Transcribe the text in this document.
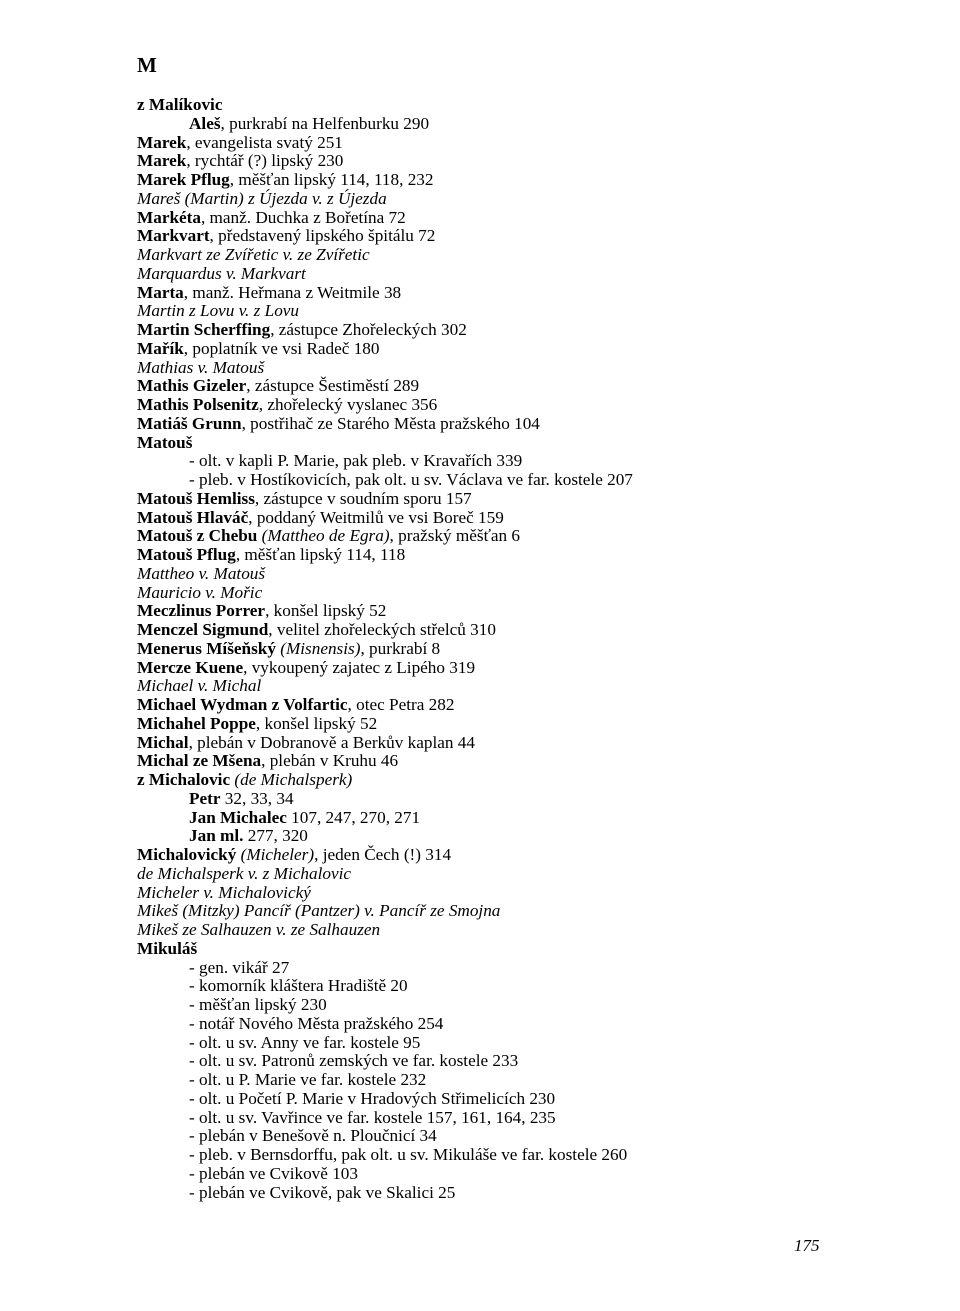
M
z Malíkovic
Aleš, purkrabí na Helfenburku 290
Marek, evangelista svatý 251
Marek, rychtář (?) lipský 230
Marek Pflug, měšťan lipský 114, 118, 232
Mareš (Martin) z Újezda v. z Újezda
Markéta, manž. Duchka z Bořetína 72
Markvart, představený lipského špitálu 72
Markvart ze Zvířetic v. ze Zvířetic
Marquardus v. Markvart
Marta, manž. Heřmana z Weitmile 38
Martin z Lovu v. z Lovu
Martin Scherffing, zástupce Zhořeleckých 302
Mařík, poplatník ve vsi Radeč 180
Mathias v. Matouš
Mathis Gizeler, zástupce Šestiměstí 289
Mathis Polsenitz, zhořelecký vyslanec 356
Matiáš Grunn, postřihač ze Starého Města pražského 104
Matouš
- olt. v kapli P. Marie, pak pleb. v Kravařích 339
- pleb. v Hostíkovicích, pak olt. u sv. Václava ve far. kostele 207
Matouš Hemliss, zástupce v soudním sporu 157
Matouš Hlaváč, poddaný Weitmilů ve vsi Boreč 159
Matouš z Chebu (Mattheo de Egra), pražský měšťan 6
Matouš Pflug, měšťan lipský 114, 118
Mattheo v. Matouš
Mauricio v. Mořic
Meczlinus Porrer, konšel lipský 52
Menczel Sigmund, velitel zhořeleckých střelců 310
Menerus Míšeňský (Misnensis), purkrabí 8
Mercze Kuene, vykoupený zajatec z Lipého 319
Michael v. Michal
Michael Wydman z Volfartic, otec Petra 282
Michahel Poppe, konšel lipský 52
Michal, plebán v Dobranově a Berkův kaplan 44
Michal ze Mšena, plebán v Kruhu 46
z Michalovic (de Michalsperk)
Petr 32, 33, 34
Jan Michalec 107, 247, 270, 271
Jan ml. 277, 320
Michalovický (Micheler), jeden Čech (!) 314
de Michalsperk v. z Michalovic
Micheler v. Michalovický
Mikeš (Mitzky) Pancíř (Pantzer) v. Pancíř ze Smojna
Mikeš ze Salhauzen v. ze Salhauzen
Mikuláš
- gen. vikář 27
- komorník kláštera Hradiště 20
- měšťan lipský 230
- notář Nového Města pražského 254
- olt. u sv. Anny ve far. kostele 95
- olt. u sv. Patronů zemských ve far. kostele 233
- olt. u P. Marie ve far. kostele 232
- olt. u Početí P. Marie v Hradových Střimelicích 230
- olt. u sv. Vavřince ve far. kostele 157, 161, 164, 235
- plebán v Benešově n. Ploučnicí 34
- pleb. v Bernsdorffu, pak olt. u sv. Mikuláše ve far. kostele 260
- plebán ve Cvikově 103
- plebán ve Cvikově, pak ve Skalici 25
175
